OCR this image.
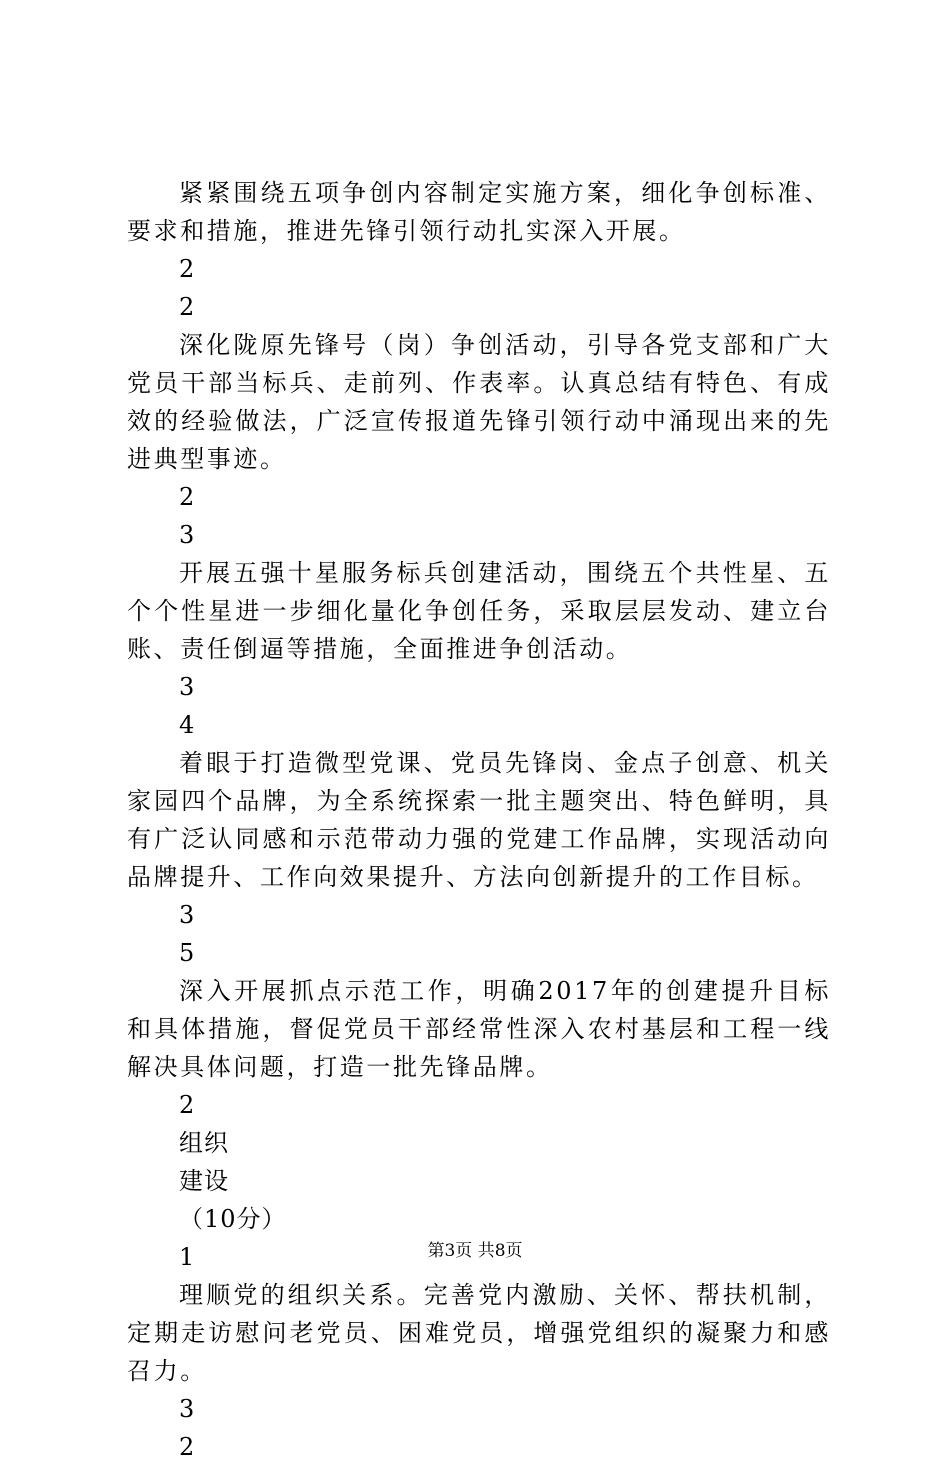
紧紧围绕五项争创内容制定实施方案，细化争创标准、要求和措施，推进先锋引领行动扎实深入开展。

2

2

深化陇原先锋号（岗）争创活动，引导各党支部和广大党员干部当标兵、走前列、作表率。认真总结有特色、有成效的经验做法，广泛宣传报道先锋引领行动中涌现出来的先进典型事迹。

2

3

开展五强十星服务标兵创建活动，围绕五个共性星、五个个性星进一步细化量化争创任务，采取层层发动、建立台账、责任倒逼等措施，全面推进争创活动。

3

4

着眼于打造微型党课、党员先锋岗、金点子创意、机关家园四个品牌，为全系统探索一批主题突出、特色鲜明，具有广泛认同感和示范带动力强的党建工作品牌，实现活动向品牌提升、工作向效果提升、方法向创新提升的工作目标。

3

5

深入开展抓点示范工作，明确2017年的创建提升目标和具体措施，督促党员干部经常性深入农村基层和工程一线解决具体问题，打造一批先锋品牌。

2

组织

建设

（10分）

1

理顺党的组织关系。完善党内激励、关怀、帮扶机制，定期走访慰问老党员、困难党员，增强党组织的凝聚力和感召力。

3

2

第3页 共8页
